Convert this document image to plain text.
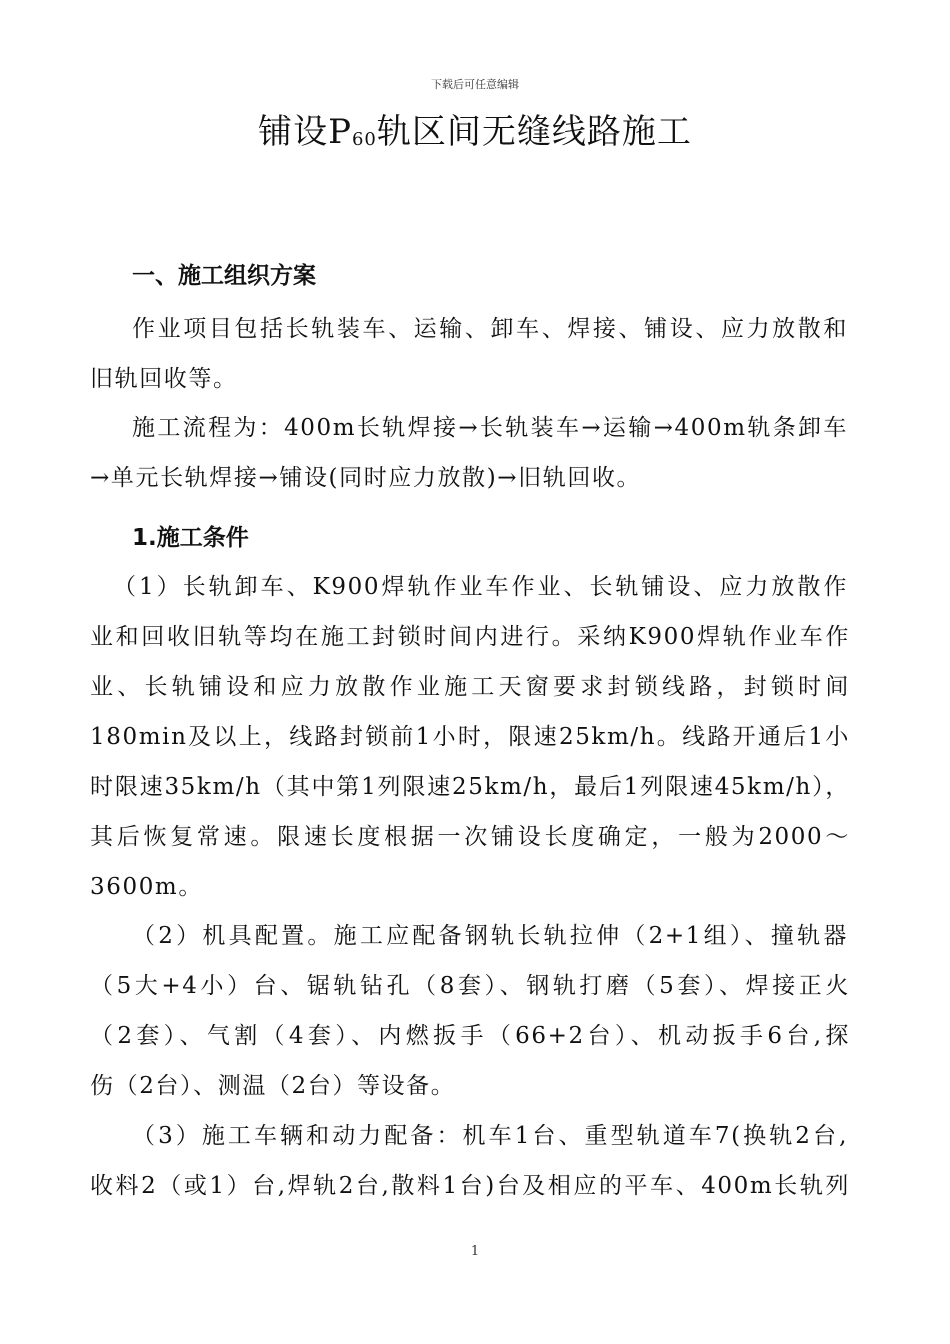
下载后可任意编辑
铺设$P_{60}$轨区间无缝线路施工
一、施工组织方案
作业项目包括长轨装车、运输、卸车、焊接、铺设、应力放散和
旧轨回收等。
施工流程为：400m长轨焊接→长轨装车→运输→400m轨条卸车
→单元长轨焊接→铺设(同时应力放散)→旧轨回收。
1.施工条件
（1）长轨卸车、K900焊轨作业车作业、长轨铺设、应力放散作
业和回收旧轨等均在施工封锁时间内进行。采纳K900焊轨作业车作
业、长轨铺设和应力放散作业施工天窗要求封锁线路，封锁时间
180min及以上，线路封锁前1小时，限速25km/h。线路开通后1小
时限速35km/h（其中第1列限速25km/h，最后1列限速45km/h），
其后恢复常速。限速长度根据一次铺设长度确定，一般为2000～
3600m。
（2）机具配置。施工应配备钢轨长轨拉伸（2+1组）、撞轨器
（5大+4小）台、锯轨钻孔（8套）、钢轨打磨（5套）、焊接正火
（2套）、气割（4套）、内燃扳手（66+2台）、机动扳手6台,探
伤（2台）、测温（2台）等设备。
（3）施工车辆和动力配备：机车1台、重型轨道车7(换轨2台,
收料2（或1）台,焊轨2台,散料1台)台及相应的平车、400m长轨列
1
